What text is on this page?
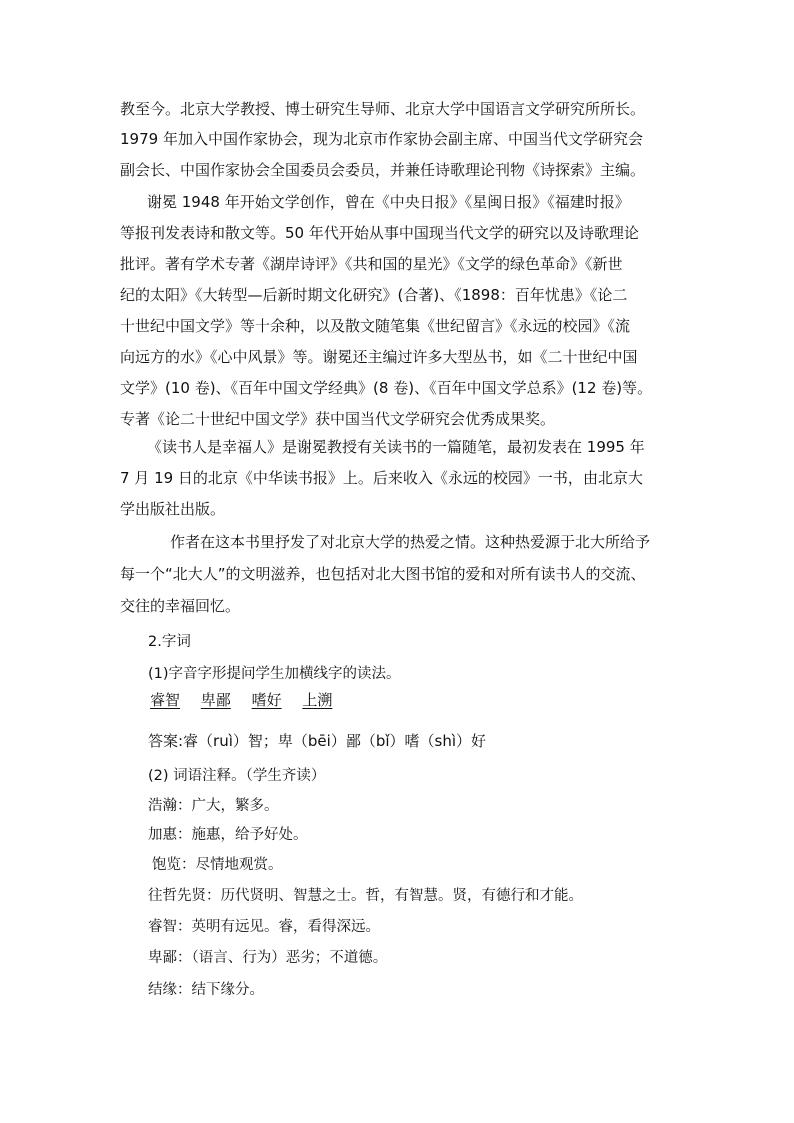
教至今。北京大学教授、博士研究生导师、北京大学中国语言文学研究所所长。
1979 年加入中国作家协会，现为北京市作家协会副主席、中国当代文学研究会
副会长、中国作家协会全国委员会委员，并兼任诗歌理论刊物《诗探索》主编。
谢冕 1948 年开始文学创作，曾在《中央日报》《星闽日报》《福建时报》
等报刊发表诗和散文等。50 年代开始从事中国现当代文学的研究以及诗歌理论
批评。著有学术专著《湖岸诗评》《共和国的星光》《文学的绿色革命》《新世
纪的太阳》《大转型—后新时期文化研究》(合著)、《1898：百年忧患》《论二
十世纪中国文学》等十余种，以及散文随笔集《世纪留言》《永远的校园》《流
向远方的水》《心中风景》等。谢冕还主编过许多大型丛书，如《二十世纪中国
文学》(10 卷)、《百年中国文学经典》(8 卷)、《百年中国文学总系》(12 卷)等。
专著《论二十世纪中国文学》获中国当代文学研究会优秀成果奖。
《读书人是幸福人》是谢冕教授有关读书的一篇随笔，最初发表在 1995 年
7 月 19 日的北京《中华读书报》上。后来收入《永远的校园》一书，由北京大
学出版社出版。
作者在这本书里抒发了对北京大学的热爱之情。这种热爱源于北大所给予
每一个“北大人”的文明滋养，也包括对北大图书馆的爱和对所有读书人的交流、
交往的幸福回忆。
2.字词
(1)字音字形提问学生加横线字的读法。
睿智 卑鄙 嗜好 上溯
答案:睿（ruì）智；卑（bēi）鄙（bǐ）嗜（shì）好
(2) 词语注释。（学生齐读）
浩瀚：广大，繁多。
加惠：施惠，给予好处。
饱览：尽情地观赏。
往哲先贤：历代贤明、智慧之士。哲，有智慧。贤，有德行和才能。
睿智：英明有远见。睿，看得深远。
卑鄙：（语言、行为）恶劣；不道德。
结缘：结下缘分。
